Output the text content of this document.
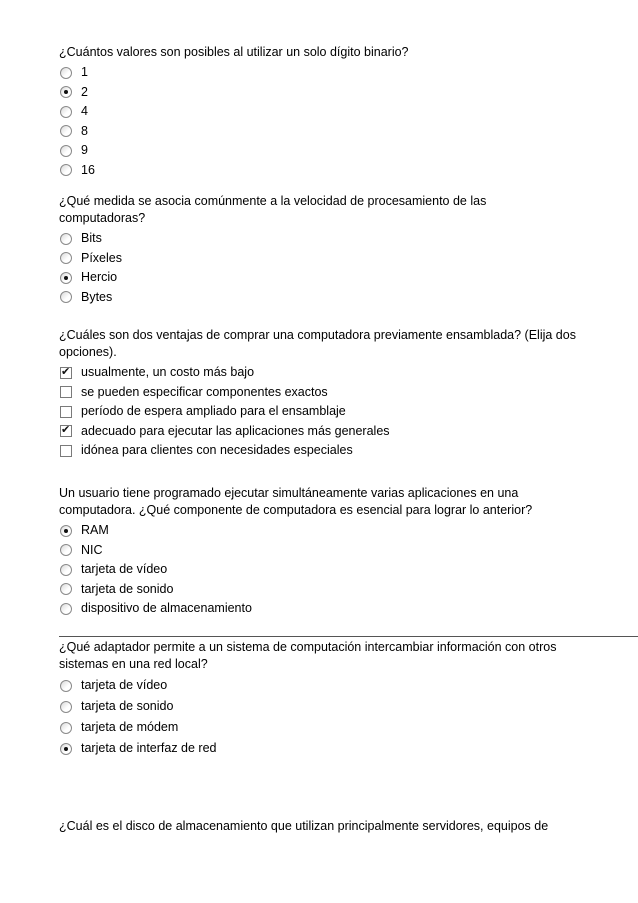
¿Cuántos valores son posibles al utilizar un solo dígito binario?
1
2
4
8
9
16
¿Qué medida se asocia comúnmente a la velocidad de procesamiento de las computadoras?
Bits
Píxeles
Hercio
Bytes
¿Cuáles son dos ventajas de comprar una computadora previamente ensamblada? (Elija dos opciones).
✔
usualmente, un costo más bajo
se pueden especificar componentes exactos
período de espera ampliado para el ensamblaje
✔
adecuado para ejecutar las aplicaciones más generales
idónea para clientes con necesidades especiales
Un usuario tiene programado ejecutar simultáneamente varias aplicaciones en una computadora. ¿Qué componente de computadora es esencial para lograr lo anterior?
RAM
NIC
tarjeta de vídeo
tarjeta de sonido
dispositivo de almacenamiento
¿Qué adaptador permite a un sistema de computación intercambiar información con otros sistemas en una red local?
tarjeta de vídeo
tarjeta de sonido
tarjeta de módem
tarjeta de interfaz de red
¿Cuál es el disco de almacenamiento que utilizan principalmente servidores, equipos de
